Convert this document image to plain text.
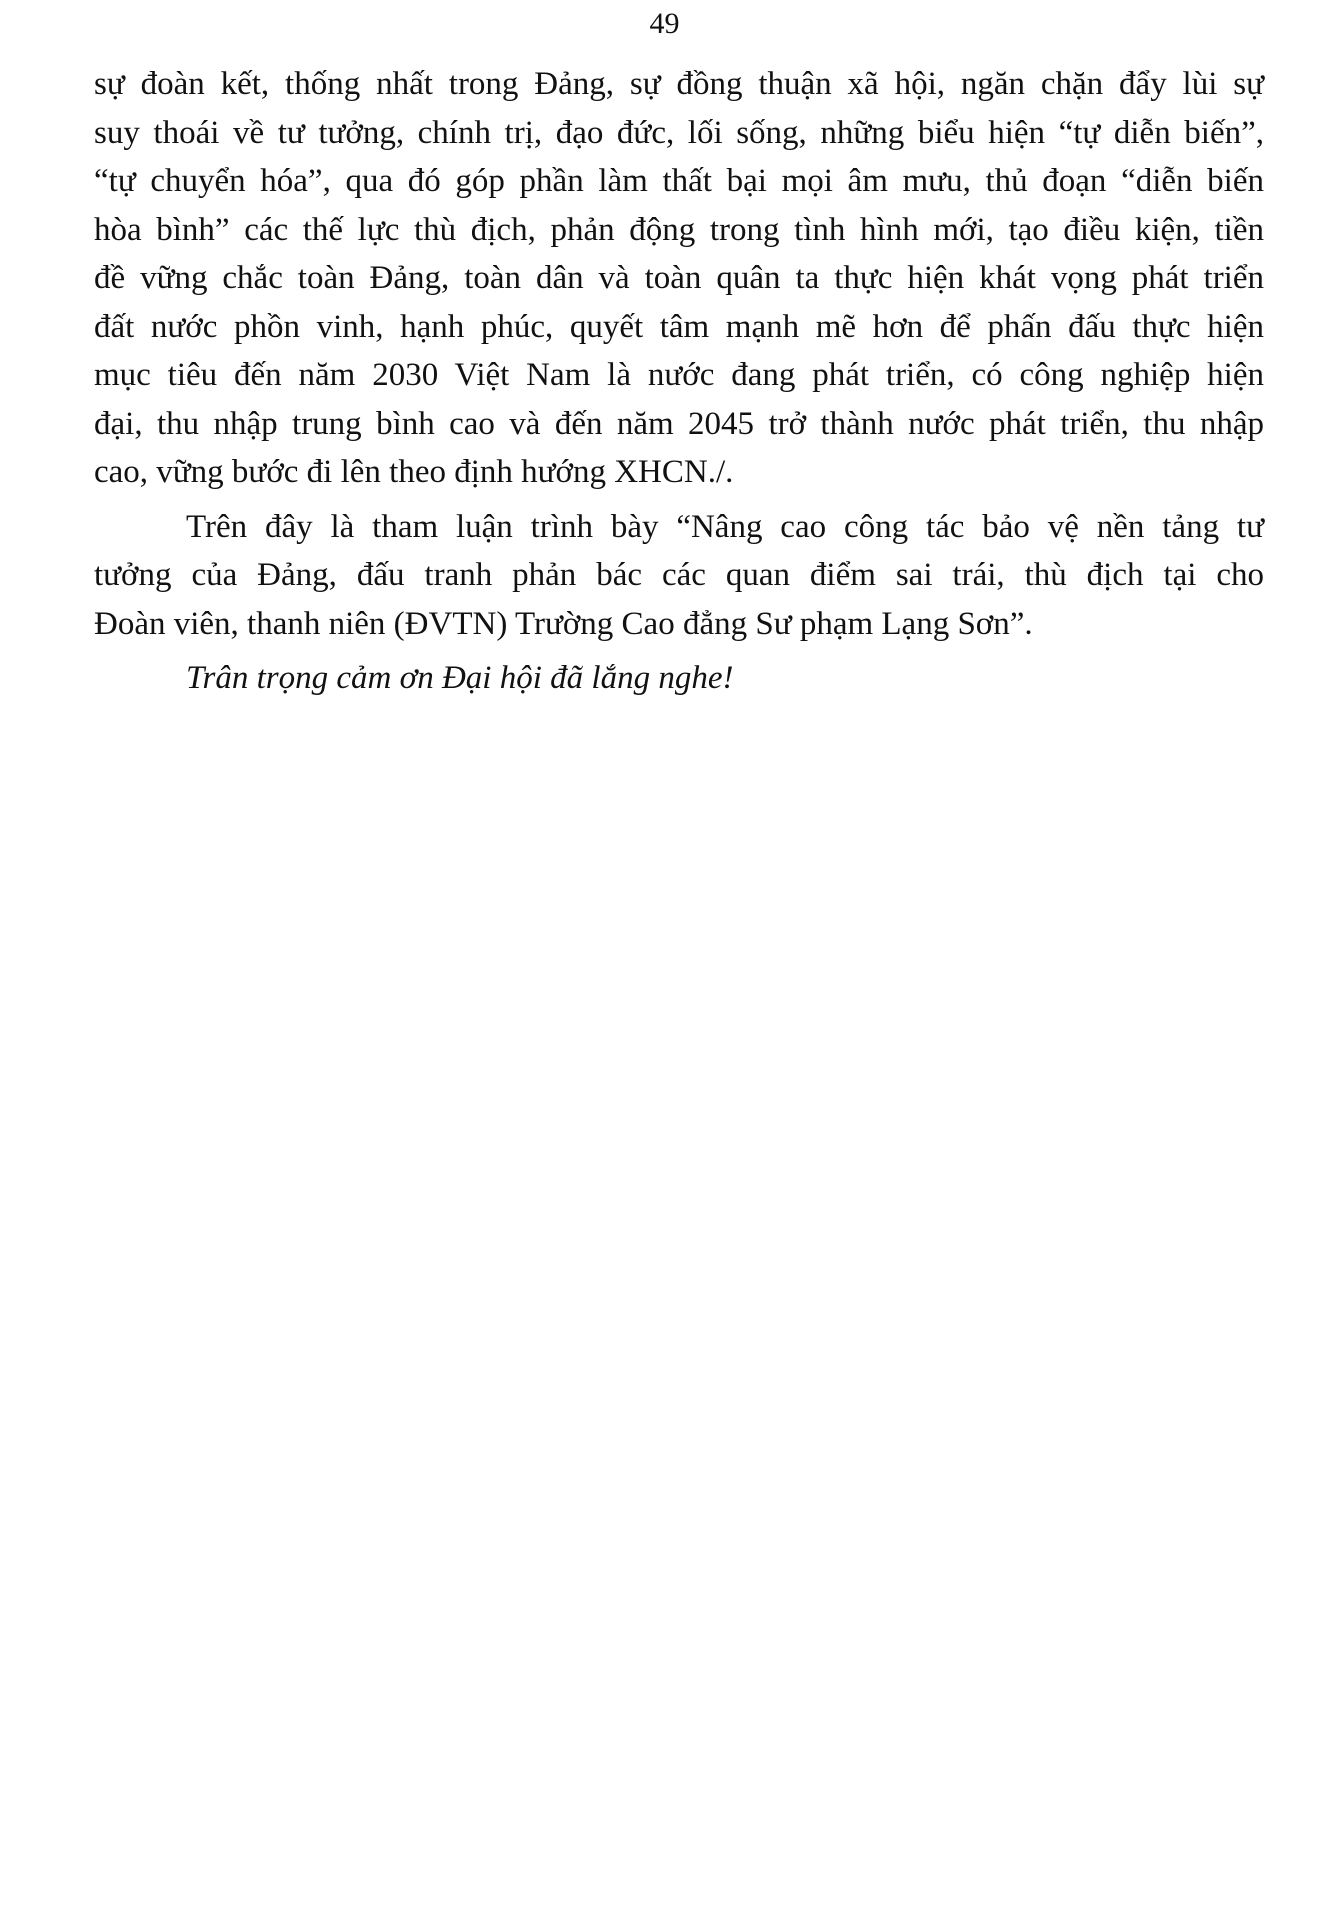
49
sự đoàn kết, thống nhất trong Đảng, sự đồng thuận xã hội, ngăn chặn đẩy lùi sự
suy thoái về tư tưởng, chính trị, đạo đức, lối sống, những biểu hiện “tự diễn biến”,
“tự chuyển hóa”, qua đó góp phần làm thất bại mọi âm mưu, thủ đoạn “diễn biến
hòa bình” các thế lực thù địch, phản động trong tình hình mới, tạo điều kiện, tiền
đề vững chắc toàn Đảng, toàn dân và toàn quân ta thực hiện khát vọng phát triển
đất nước phồn vinh, hạnh phúc, quyết tâm mạnh mẽ hơn để phấn đấu thực hiện
mục tiêu đến năm 2030 Việt Nam là nước đang phát triển, có công nghiệp hiện
đại, thu nhập trung bình cao và đến năm 2045 trở thành nước phát triển, thu nhập
cao, vững bước đi lên theo định hướng XHCN./.
Trên đây là tham luận trình bày “Nâng cao công tác bảo vệ nền tảng tư
tưởng của Đảng, đấu tranh phản bác các quan điểm sai trái, thù địch tại cho
Đoàn viên, thanh niên (ĐVTN) Trường Cao đẳng Sư phạm Lạng Sơn”.
Trân trọng cảm ơn Đại hội đã lắng nghe!
